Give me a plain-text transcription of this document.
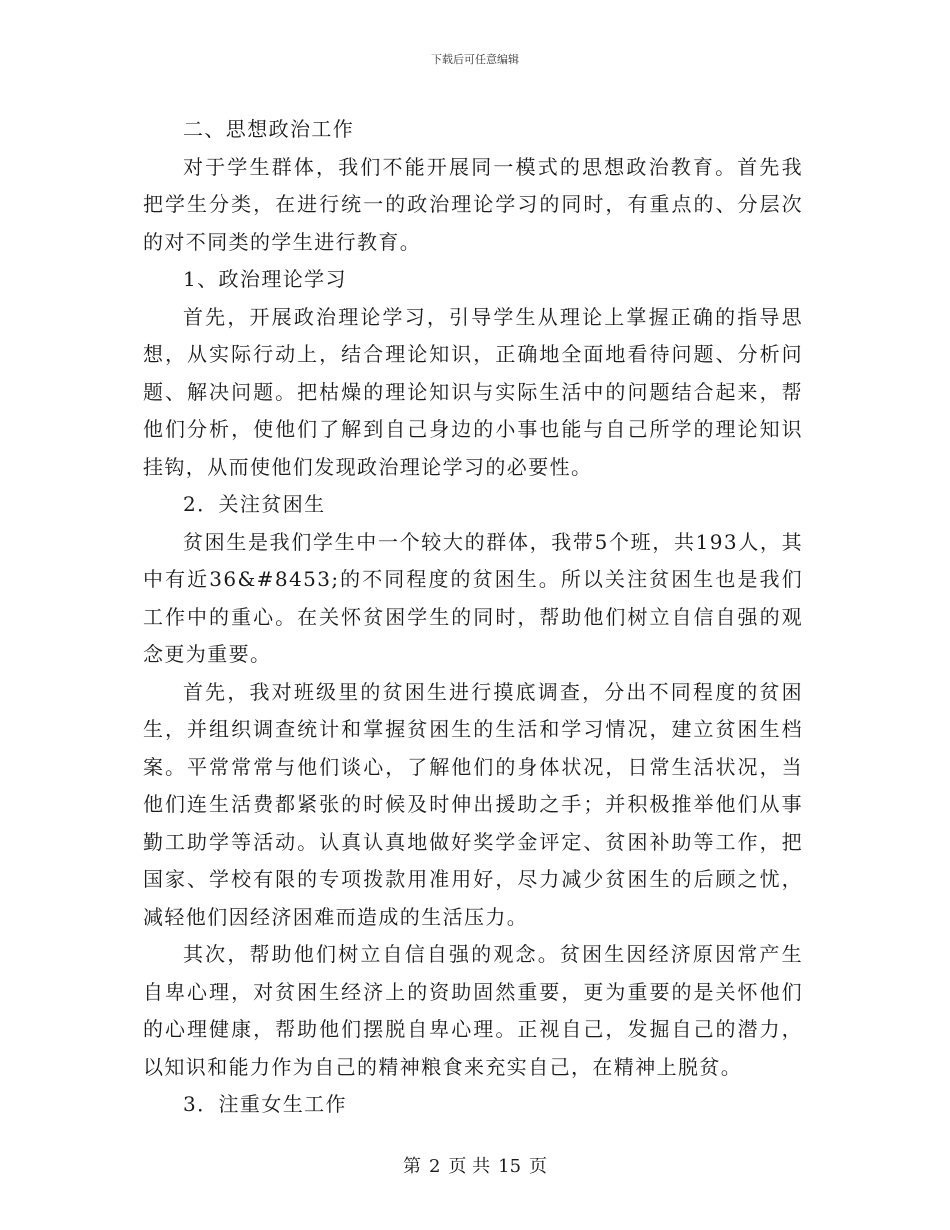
下载后可任意编辑

二、思想政治工作

对于学生群体，我们不能开展同一模式的思想政治教育。首先我把学生分类，在进行统一的政治理论学习的同时，有重点的、分层次的对不同类的学生进行教育。

1、政治理论学习

首先，开展政治理论学习，引导学生从理论上掌握正确的指导思想，从实际行动上，结合理论知识，正确地全面地看待问题、分析问题、解决问题。把枯燥的理论知识与实际生活中的问题结合起来，帮他们分析，使他们了解到自己身边的小事也能与自己所学的理论知识挂钩，从而使他们发现政治理论学习的必要性。

2．关注贫困生

贫困生是我们学生中一个较大的群体，我带5个班，共193人，其中有近36&#8453;的不同程度的贫困生。所以关注贫困生也是我们工作中的重心。在关怀贫困学生的同时，帮助他们树立自信自强的观念更为重要。

首先，我对班级里的贫困生进行摸底调查，分出不同程度的贫困生，并组织调查统计和掌握贫困生的生活和学习情况，建立贫困生档案。平常常常与他们谈心，了解他们的身体状况，日常生活状况，当他们连生活费都紧张的时候及时伸出援助之手；并积极推举他们从事勤工助学等活动。认真认真地做好奖学金评定、贫困补助等工作，把国家、学校有限的专项拨款用准用好，尽力减少贫困生的后顾之忧，减轻他们因经济困难而造成的生活压力。

其次，帮助他们树立自信自强的观念。贫困生因经济原因常产生自卑心理，对贫困生经济上的资助固然重要，更为重要的是关怀他们的心理健康，帮助他们摆脱自卑心理。正视自己，发掘自己的潜力，以知识和能力作为自己的精神粮食来充实自己，在精神上脱贫。

3．注重女生工作

第 2 页 共 15 页
